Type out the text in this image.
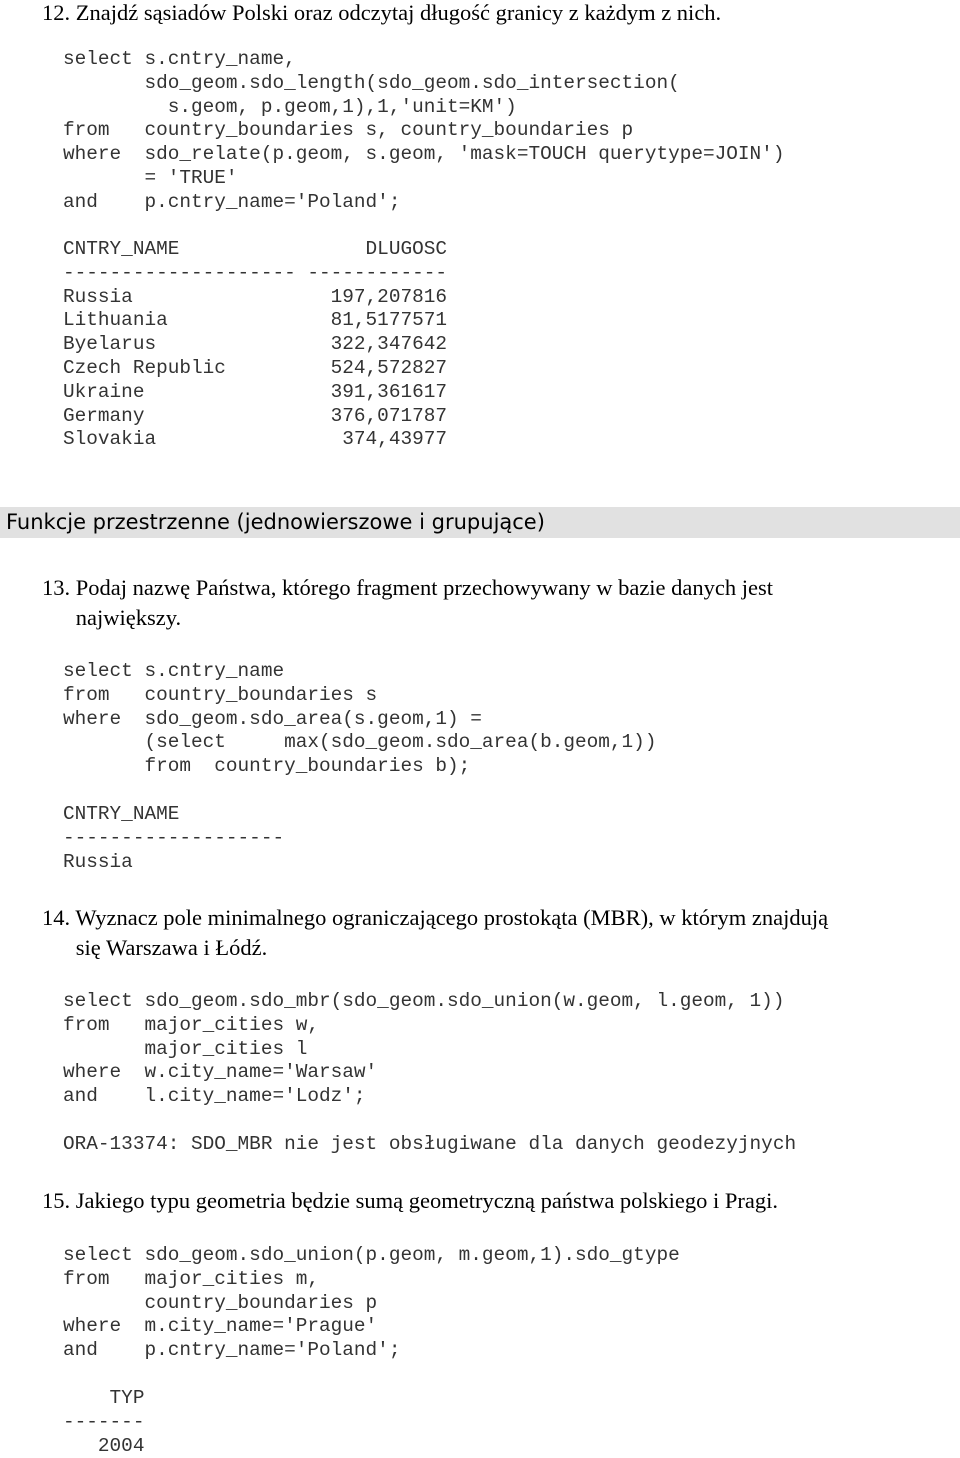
12. Znajdź sąsiadów Polski oraz odczytaj długość granicy z każdym z nich.

select s.cntry_name,
sdo_geom.sdo_length(sdo_geom.sdo_intersection(
s.geom, p.geom,1),1,'unit=KM')
from   country_boundaries s, country_boundaries p
where  sdo_relate(p.geom, s.geom, 'mask=TOUCH querytype=JOIN')
= 'TRUE'
and    p.cntry_name='Poland';
CNTRY_NAME                DLUGOSC
-------------------- ------------
Russia                 197,207816
Lithuania              81,5177571
Byelarus               322,347642
Czech Republic         524,572827
Ukraine                391,361617
Germany                376,071787
Slovakia                374,43977
Funkcje przestrzenne (jednowierszowe i grupujące)

13. Podaj nazwę Państwa, którego fragment przechowywany w bazie danych jest
największy.

select s.cntry_name
from   country_boundaries s
where  sdo_geom.sdo_area(s.geom,1) =
(select     max(sdo_geom.sdo_area(b.geom,1))
from  country_boundaries b);
CNTRY_NAME
-------------------
Russia

14. Wyznacz pole minimalnego ograniczającego prostokąta (MBR), w którym znajdują
się Warszawa i Łódź.

select sdo_geom.sdo_mbr(sdo_geom.sdo_union(w.geom, l.geom, 1))
from   major_cities w,
major_cities l
where  w.city_name='Warsaw'
and    l.city_name='Lodz';
ORA-13374: SDO_MBR nie jest obsługiwane dla danych geodezyjnych

15. Jakiego typu geometria będzie sumą geometryczną państwa polskiego i Pragi.

select sdo_geom.sdo_union(p.geom, m.geom,1).sdo_gtype
from   major_cities m,
country_boundaries p
where  m.city_name='Prague'
and    p.cntry_name='Poland';
TYP
-------
2004
